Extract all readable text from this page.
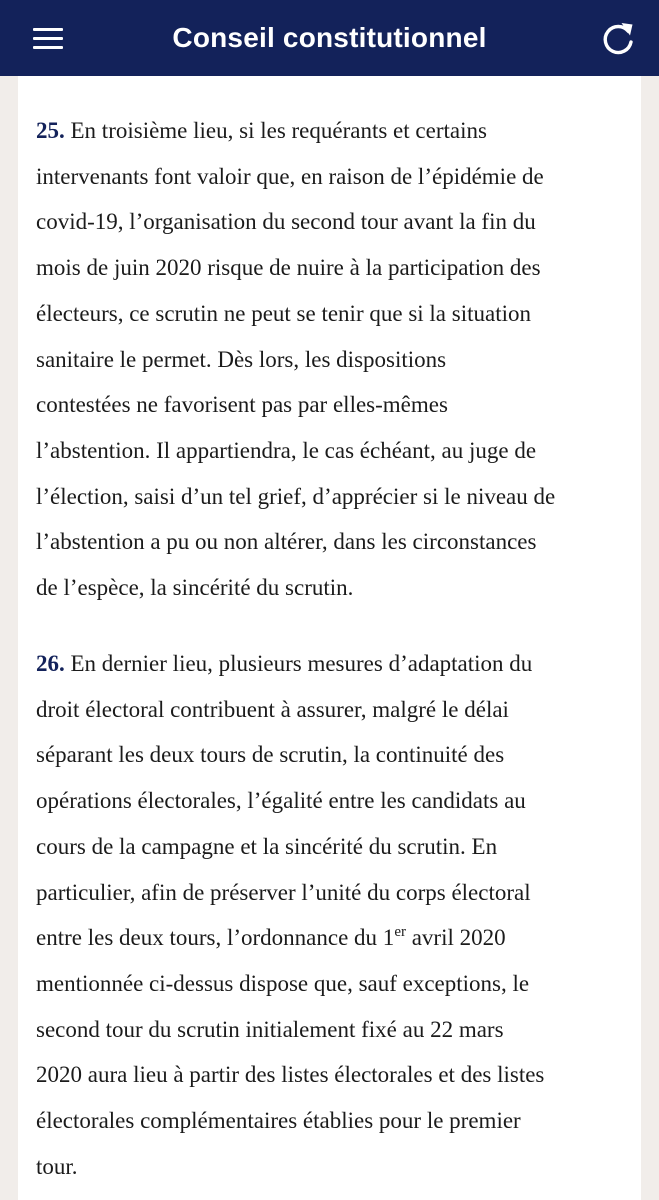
Conseil constitutionnel

25. En troisième lieu, si les requérants et certains
intervenants font valoir que, en raison de l’épidémie de
covid-19, l’organisation du second tour avant la fin du
mois de juin 2020 risque de nuire à la participation des
électeurs, ce scrutin ne peut se tenir que si la situation
sanitaire le permet. Dès lors, les dispositions
contestées ne favorisent pas par elles-mêmes
l’abstention. Il appartiendra, le cas échéant, au juge de
l’élection, saisi d’un tel grief, d’apprécier si le niveau de
l’abstention a pu ou non altérer, dans les circonstances
de l’espèce, la sincérité du scrutin.

26. En dernier lieu, plusieurs mesures d’adaptation du
droit électoral contribuent à assurer, malgré le délai
séparant les deux tours de scrutin, la continuité des
opérations électorales, l’égalité entre les candidats au
cours de la campagne et la sincérité du scrutin. En
particulier, afin de préserver l’unité du corps électoral
entre les deux tours, l’ordonnance du 1er avril 2020
mentionnée ci-dessus dispose que, sauf exceptions, le
second tour du scrutin initialement fixé au 22 mars
2020 aura lieu à partir des listes électorales et des listes
électorales complémentaires établies pour le premier
tour.
